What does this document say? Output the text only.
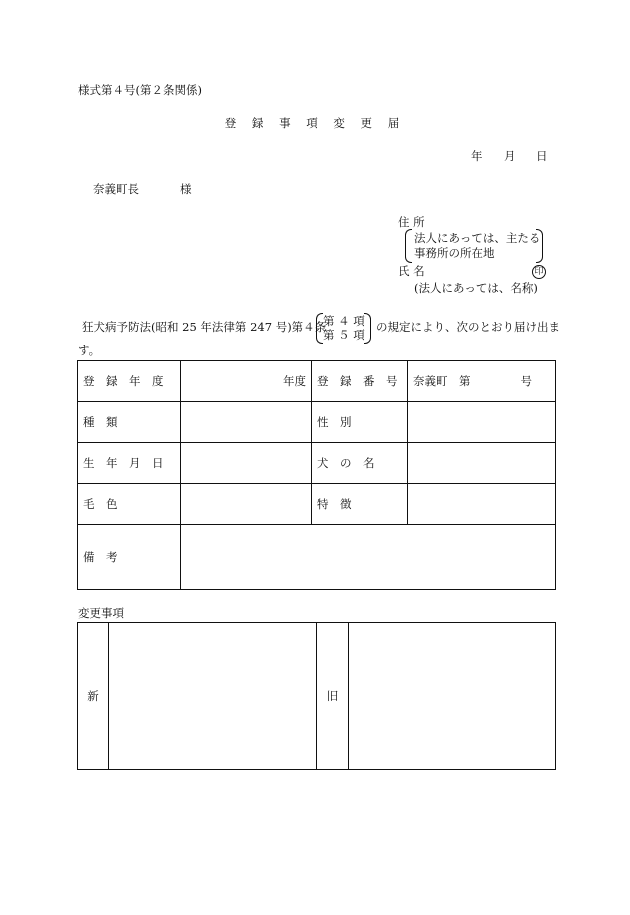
様式第４号(第２条関係)
登 録 事 項 変 更 届
年 月 日
奈義町長	様
住 所
法人にあっては、主たる
事務所の所在地
氏 名	印
(法人にあっては、名称)
狂犬病予防法(昭和 25 年法律第 247 号)第４条
第 ４ 項
第 ５ 項
の規定により、次のとおり届け出ま
す。
登　録　年　度	年度	登　録　番　号	奈義町　第 号

種　類		性　別	
生　年　月　日		犬　の　名	
毛　色		特　徴	
備　考			
変更事項
新		旧	
